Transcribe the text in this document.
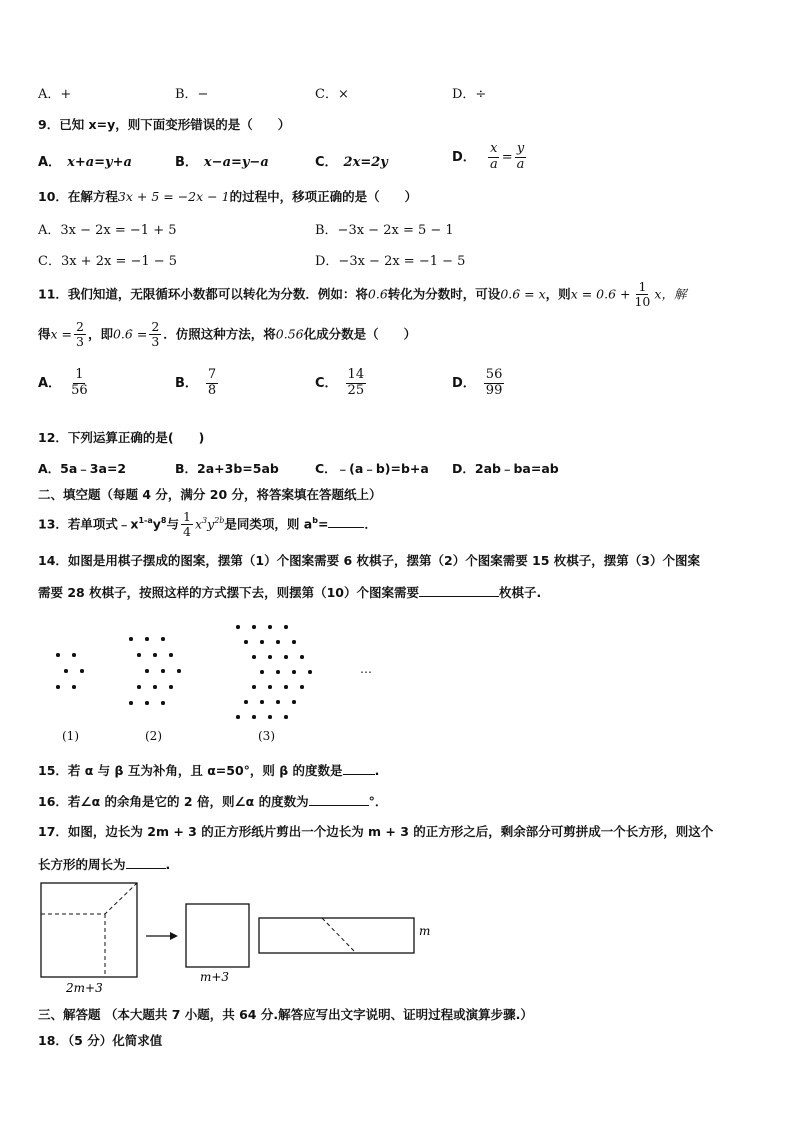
A．+	B．−	C．×	D．÷
9．已知 x=y，则下面变形错误的是（　　）
A． x+a=y+a	B． x−a=y−a	C． 2x=2y	D． $\frac{x}{a} = \frac{y}{a}$
10．在解方程3x + 5 = −2x − 1的过程中，移项正确的是（　　）
A．3x − 2x = −1 + 5	B．−3x − 2x = 5 − 1
C．3x + 2x = −1 − 5	D．−3x − 2x = −1 − 5
11．我们知道，无限循环小数都可以转化为分数．例如：将0.6̇转化为分数时，可设0.6̇ = x，则$x = 0.6 + \frac{1}{10}$ x，解
得$x = \frac{2}{3}$ ，即0.6̇ = $\frac{2}{3}$ ．仿照这种方法，将0.5̇6̇化成分数是（　　）
A． $\frac{1}{56}$	B． $\frac{7}{8}$	C． $\frac{14}{25}$	D． $\frac{56}{99}$
12．下列运算正确的是(　　)
A．5a﹣3a=2	B．2a+3b=5ab	C．﹣(a﹣b)=b+a D．2ab﹣ba=ab
二、填空题（每题 4 分，满分 20 分，将答案填在答题纸上）
13．若单项式$﹣x^{1-a}y^8$与 $\frac{1}{4} x^3y^{2b}$是同类项，则 $a^b=$	．
14．如图是用棋子摆成的图案，摆第（1）个图案需要 6 枚棋子，摆第（2）个图案需要 15 枚棋子，摆第（3）个图案
需要 28 枚棋子，按照这样的方式摆下去，则摆第（10）个图案需要	枚棋子.
(1)	(2)	(3)
…
15．若 α 与 β 互为补角，且 α=50°，则 β 的度数是	.
16．若∠α 的余角是它的 2 倍，则∠α 的度数为	°．
17．如图，边长为 2m + 3 的正方形纸片剪出一个边长为 m + 3 的正方形之后，剩余部分可剪拼成一个长方形，则这个
长方形的周长为	.
2m+3
m+3
m
三、解答题 （本大题共 7 小题，共 64 分.解答应写出文字说明、证明过程或演算步骤.）
18．（5 分）化简求值
